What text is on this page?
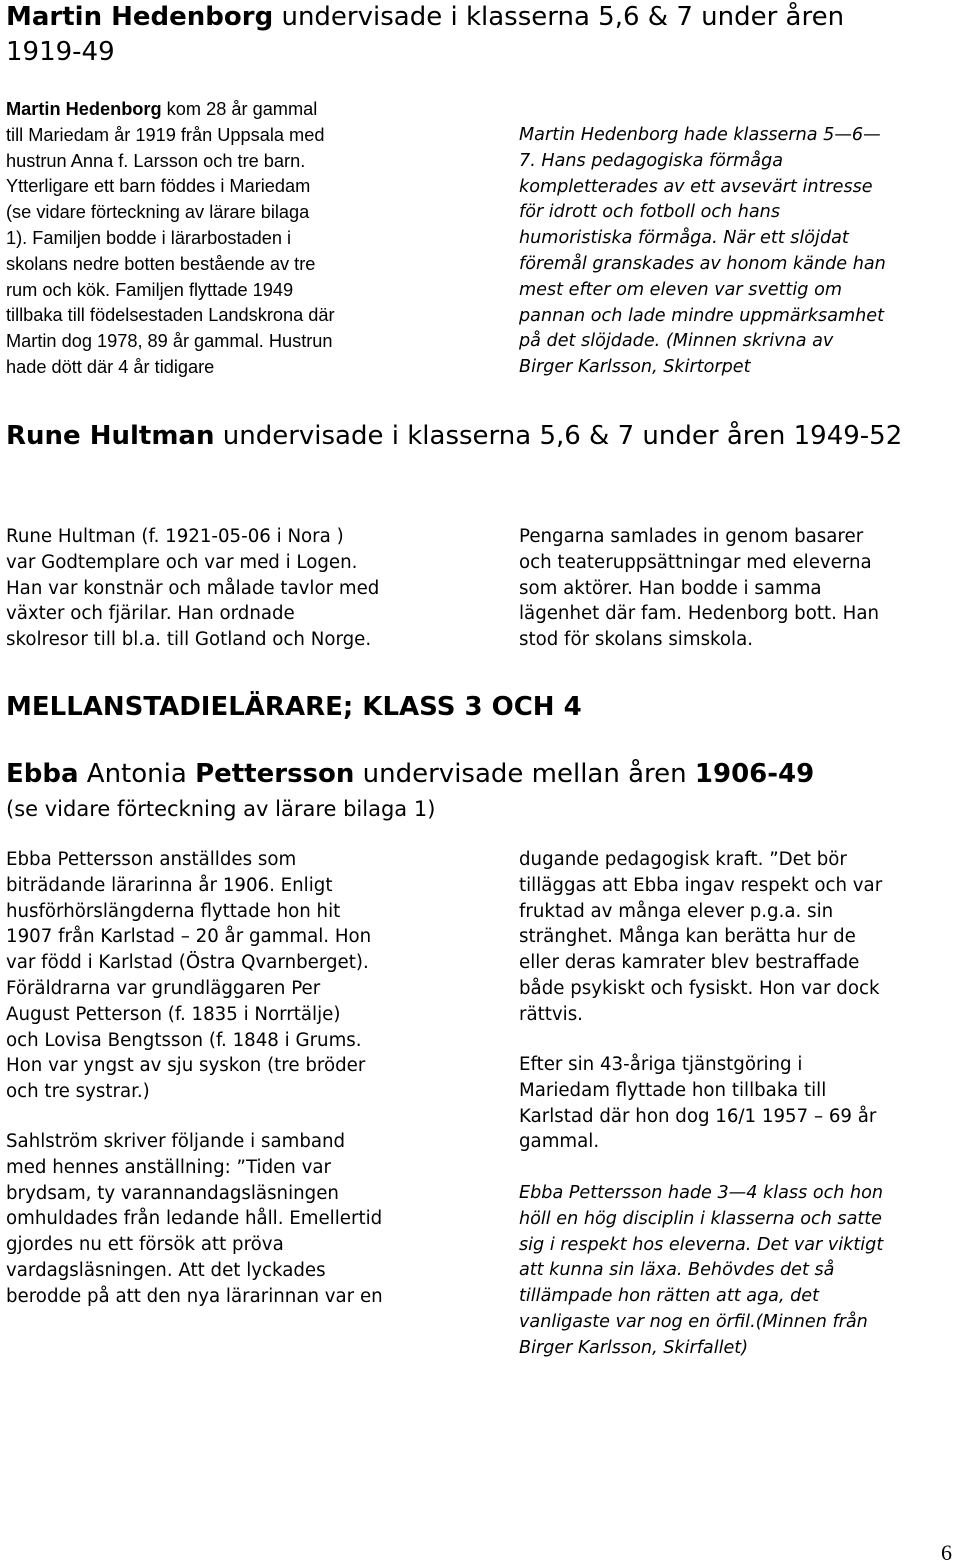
Martin Hedenborg undervisade i klasserna 5,6 & 7 under åren 1919-49
Martin Hedenborg kom 28 år gammal
till Mariedam år 1919 från Uppsala med
hustrun Anna f. Larsson och tre barn.
Ytterligare ett barn föddes i Mariedam
(se vidare förteckning av lärare bilaga
1). Familjen bodde i lärarbostaden i
skolans nedre botten bestående av tre
rum och kök. Familjen flyttade 1949
tillbaka till födelsestaden Landskrona där
Martin dog 1978, 89 år gammal. Hustrun
hade dött där 4 år tidigare
Martin Hedenborg hade klasserna 5—6—
7. Hans pedagogiska förmåga
kompletterades av ett avsevärt intresse
för idrott och fotboll och hans
humoristiska förmåga. När ett slöjdat
föremål granskades av honom kände han
mest efter om eleven var svettig om
pannan och lade mindre uppmärksamhet
på det slöjdade. (Minnen skrivna av
Birger Karlsson, Skirtorpet
Rune Hultman undervisade i klasserna 5,6 & 7 under åren 1949-52
Rune Hultman (f. 1921-05-06 i Nora )
var Godtemplare och var med i Logen.
Han var konstnär och målade tavlor med
växter och fjärilar. Han ordnade
skolresor till bl.a. till Gotland och Norge.
Pengarna samlades in genom basarer
och teateruppsättningar med eleverna
som aktörer. Han bodde i samma
lägenhet där fam. Hedenborg bott. Han
stod för skolans simskola.
MELLANSTADIELÄRARE; KLASS 3 OCH 4
Ebba Antonia Pettersson undervisade mellan åren 1906-49
(se vidare förteckning av lärare bilaga 1)
Ebba Pettersson anställdes som
biträdande lärarinna år 1906. Enligt
husförhörslängderna flyttade hon hit
1907 från Karlstad – 20 år gammal. Hon
var född i Karlstad (Östra Qvarnberget).
Föräldrarna var grundläggaren Per
August Petterson (f. 1835 i Norrtälje)
och Lovisa Bengtsson (f. 1848 i Grums.
Hon var yngst av sju syskon (tre bröder
och tre systrar.)
Sahlström skriver följande i samband
med hennes anställning: ”Tiden var
brydsam, ty varannandagsläsningen
omhuldades från ledande håll. Emellertid
gjordes nu ett försök att pröva
vardagsläsningen. Att det lyckades
berodde på att den nya lärarinnan var en
dugande pedagogisk kraft. ”Det bör
tilläggas att Ebba ingav respekt och var
fruktad av många elever p.g.a. sin
stränghet. Många kan berätta hur de
eller deras kamrater blev bestraffade
både psykiskt och fysiskt. Hon var dock
rättvis.
Efter sin 43-åriga tjänstgöring i
Mariedam flyttade hon tillbaka till
Karlstad där hon dog 16/1 1957 – 69 år
gammal.
Ebba Pettersson hade 3—4 klass och hon
höll en hög disciplin i klasserna och satte
sig i respekt hos eleverna. Det var viktigt
att kunna sin läxa. Behövdes det så
tillämpade hon rätten att aga, det
vanligaste var nog en örfil.(Minnen från
Birger Karlsson, Skirfallet)
6
